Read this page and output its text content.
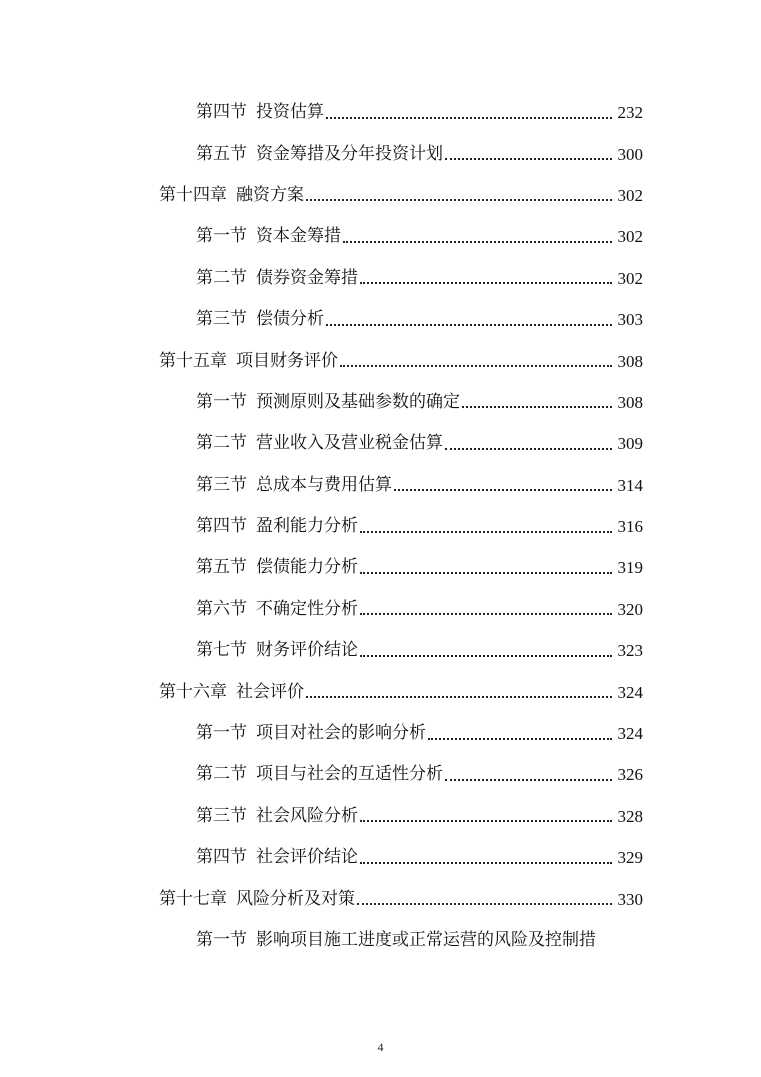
第四节 投资估算	232
第五节 资金筹措及分年投资计划	300
第十四章 融资方案	302
第一节 资本金筹措	302
第二节 债券资金筹措	302
第三节 偿债分析	303
第十五章 项目财务评价	308
第一节 预测原则及基础参数的确定	308
第二节 营业收入及营业税金估算	309
第三节 总成本与费用估算	314
第四节 盈利能力分析	316
第五节 偿债能力分析	319
第六节 不确定性分析	320
第七节 财务评价结论	323
第十六章 社会评价	324
第一节 项目对社会的影响分析	324
第二节 项目与社会的互适性分析	326
第三节 社会风险分析	328
第四节 社会评价结论	329
第十七章 风险分析及对策	330
第一节 影响项目施工进度或正常运营的风险及控制措
4
